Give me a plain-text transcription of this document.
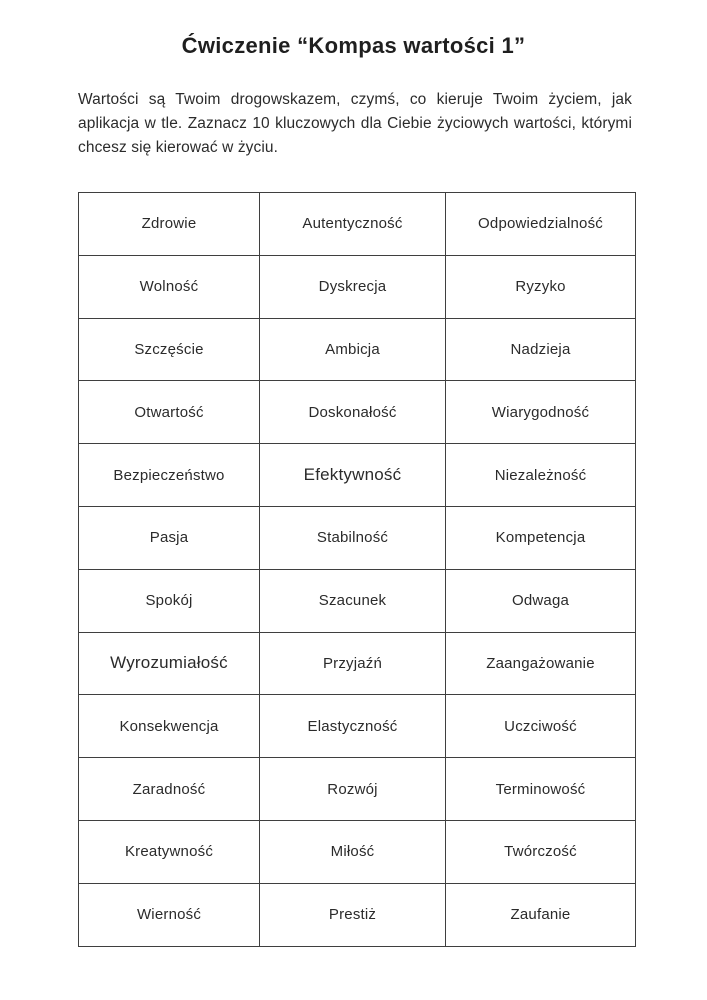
Ćwiczenie “Kompas wartości 1”

Wartości są Twoim drogowskazem, czymś, co kieruje Twoim życiem, jak aplikacja w tle. Zaznacz 10 kluczowych dla Ciebie życiowych wartości, którymi chcesz się kierować w życiu.

Zdrowie	Autentyczność	Odpowiedzialność
Wolność	Dyskrecja	Ryzyko
Szczęście	Ambicja	Nadzieja
Otwartość	Doskonałość	Wiarygodność
Bezpieczeństwo	Efektywność	Niezależność
Pasja	Stabilność	Kompetencja
Spokój	Szacunek	Odwaga
Wyrozumiałość	Przyjaźń	Zaangażowanie
Konsekwencja	Elastyczność	Uczciwość
Zaradność	Rozwój	Terminowość
Kreatywność	Miłość	Twórczość
Wierność	Prestiż	Zaufanie
